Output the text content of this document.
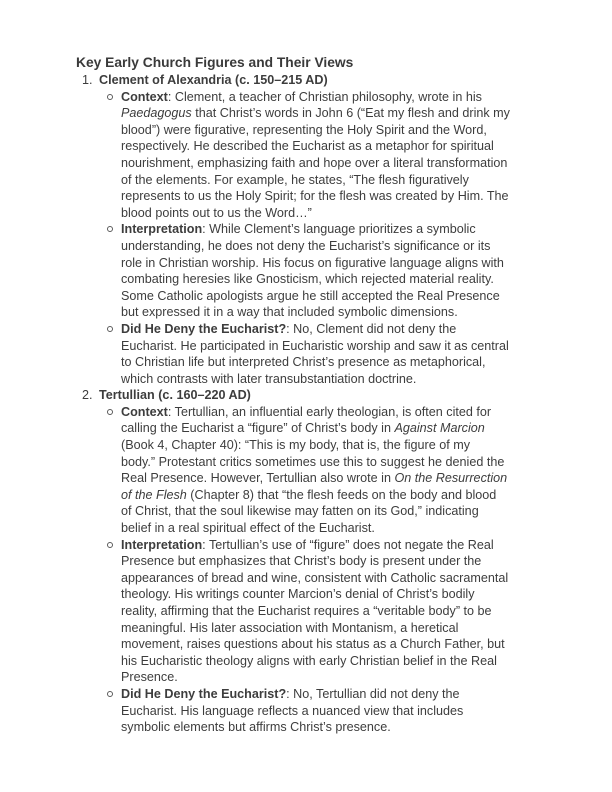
Key Early Church Figures and Their Views
1. Clement of Alexandria (c. 150–215 AD)
Context: Clement, a teacher of Christian philosophy, wrote in his
Paedagogus that Christ’s words in John 6 (“Eat my flesh and drink my
blood”) were figurative, representing the Holy Spirit and the Word,
respectively. He described the Eucharist as a metaphor for spiritual
nourishment, emphasizing faith and hope over a literal transformation
of the elements. For example, he states, “The flesh figuratively
represents to us the Holy Spirit; for the flesh was created by Him. The
blood points out to us the Word…”
Interpretation: While Clement’s language prioritizes a symbolic
understanding, he does not deny the Eucharist’s significance or its
role in Christian worship. His focus on figurative language aligns with
combating heresies like Gnosticism, which rejected material reality.
Some Catholic apologists argue he still accepted the Real Presence
but expressed it in a way that included symbolic dimensions.
Did He Deny the Eucharist?: No, Clement did not deny the
Eucharist. He participated in Eucharistic worship and saw it as central
to Christian life but interpreted Christ’s presence as metaphorical,
which contrasts with later transubstantiation doctrine.
2. Tertullian (c. 160–220 AD)
Context: Tertullian, an influential early theologian, is often cited for
calling the Eucharist a “figure” of Christ’s body in Against Marcion
(Book 4, Chapter 40): “This is my body, that is, the figure of my
body.” Protestant critics sometimes use this to suggest he denied the
Real Presence. However, Tertullian also wrote in On the Resurrection
of the Flesh (Chapter 8) that “the flesh feeds on the body and blood
of Christ, that the soul likewise may fatten on its God,” indicating
belief in a real spiritual effect of the Eucharist.
Interpretation: Tertullian’s use of “figure” does not negate the Real
Presence but emphasizes that Christ’s body is present under the
appearances of bread and wine, consistent with Catholic sacramental
theology. His writings counter Marcion’s denial of Christ’s bodily
reality, affirming that the Eucharist requires a “veritable body” to be
meaningful. His later association with Montanism, a heretical
movement, raises questions about his status as a Church Father, but
his Eucharistic theology aligns with early Christian belief in the Real
Presence.
Did He Deny the Eucharist?: No, Tertullian did not deny the
Eucharist. His language reflects a nuanced view that includes
symbolic elements but affirms Christ’s presence.
